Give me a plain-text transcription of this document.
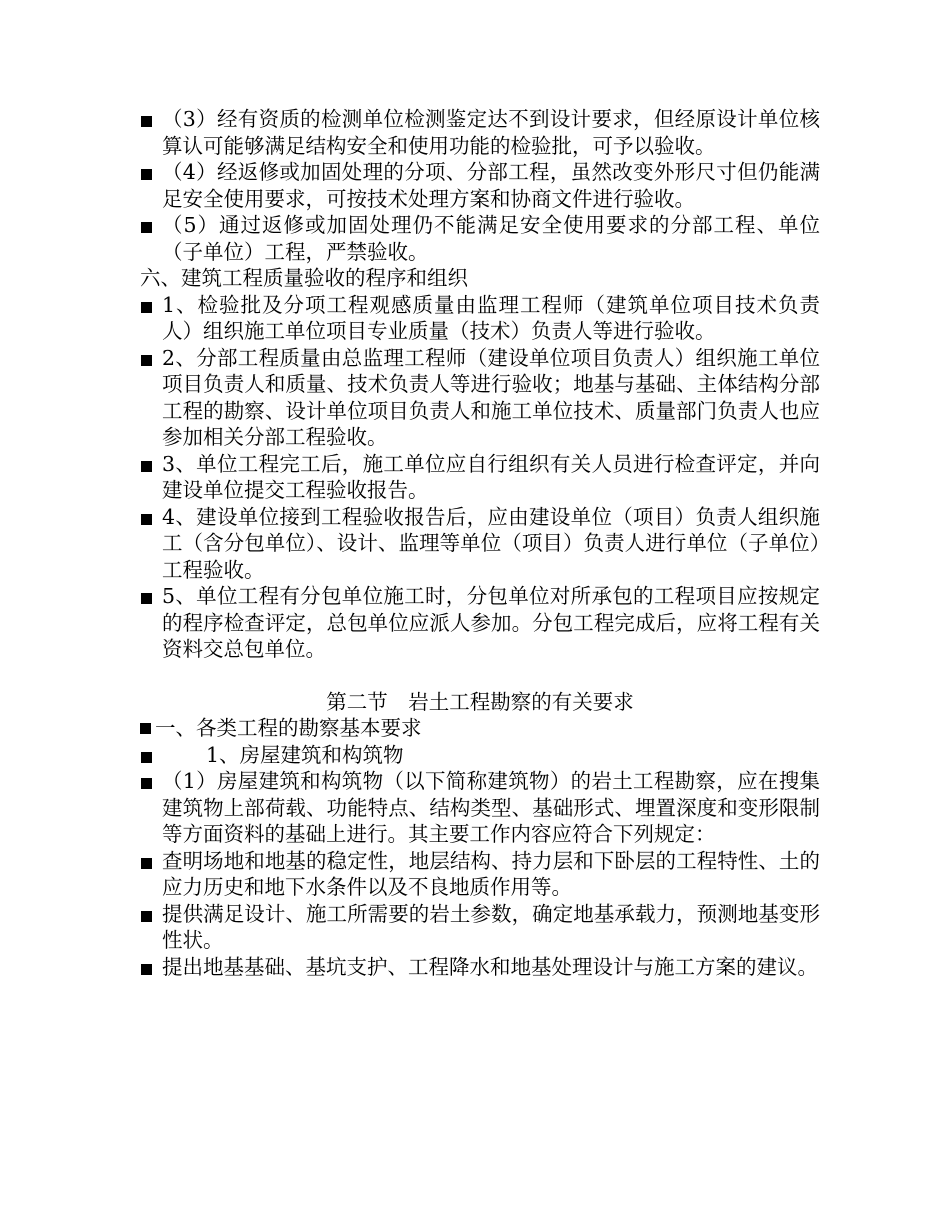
（3）经有资质的检测单位检测鉴定达不到设计要求，但经原设计单位核算认可能够满足结构安全和使用功能的检验批，可予以验收。

（4）经返修或加固处理的分项、分部工程，虽然改变外形尺寸但仍能满足安全使用要求，可按技术处理方案和协商文件进行验收。

（5）通过返修或加固处理仍不能满足安全使用要求的分部工程、单位（子单位）工程，严禁验收。

六、建筑工程质量验收的程序和组织

1、检验批及分项工程观感质量由监理工程师（建筑单位项目技术负责人）组织施工单位项目专业质量（技术）负责人等进行验收。

2、分部工程质量由总监理工程师（建设单位项目负责人）组织施工单位项目负责人和质量、技术负责人等进行验收；地基与基础、主体结构分部工程的勘察、设计单位项目负责人和施工单位技术、质量部门负责人也应参加相关分部工程验收。

3、单位工程完工后，施工单位应自行组织有关人员进行检查评定，并向建设单位提交工程验收报告。

4、建设单位接到工程验收报告后，应由建设单位（项目）负责人组织施工（含分包单位）、设计、监理等单位（项目）负责人进行单位（子单位）工程验收。

5、单位工程有分包单位施工时，分包单位对所承包的工程项目应按规定的程序检查评定，总包单位应派人参加。分包工程完成后，应将工程有关资料交总包单位。

第二节　岩土工程勘察的有关要求

一、各类工程的勘察基本要求

1、房屋建筑和构筑物

（1）房屋建筑和构筑物（以下简称建筑物）的岩土工程勘察，应在搜集建筑物上部荷载、功能特点、结构类型、基础形式、埋置深度和变形限制等方面资料的基础上进行。其主要工作内容应符合下列规定：

查明场地和地基的稳定性，地层结构、持力层和下卧层的工程特性、土的应力历史和地下水条件以及不良地质作用等。

提供满足设计、施工所需要的岩土参数，确定地基承载力，预测地基变形性状。

提出地基基础、基坑支护、工程降水和地基处理设计与施工方案的建议。
